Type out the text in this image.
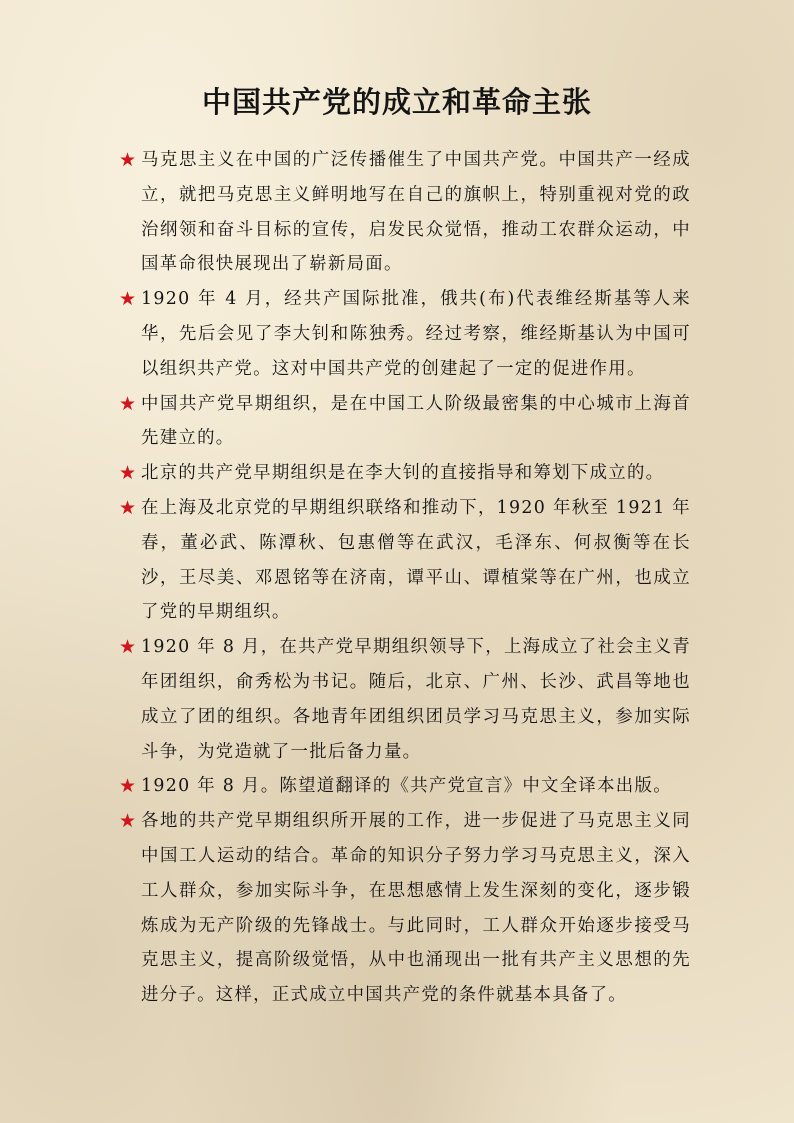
中国共产党的成立和革命主张

★ 马克思主义在中国的广泛传播催生了中国共产党。中国共产一经成立，就把马克思主义鲜明地写在自己的旗帜上，特别重视对党的政治纲领和奋斗目标的宣传，启发民众觉悟，推动工农群众运动，中国革命很快展现出了崭新局面。

★ 1920 年 4 月，经共产国际批准，俄共(布)代表维经斯基等人来华，先后会见了李大钊和陈独秀。经过考察，维经斯基认为中国可以组织共产党。这对中国共产党的创建起了一定的促进作用。

★ 中国共产党早期组织，是在中国工人阶级最密集的中心城市上海首先建立的。

★ 北京的共产党早期组织是在李大钊的直接指导和筹划下成立的。

★ 在上海及北京党的早期组织联络和推动下，1920 年秋至 1921 年春，董必武、陈潭秋、包惠僧等在武汉，毛泽东、何叔衡等在长沙，王尽美、邓恩铭等在济南，谭平山、谭植棠等在广州，也成立了党的早期组织。

★ 1920 年 8 月，在共产党早期组织领导下，上海成立了社会主义青年团组织，俞秀松为书记。随后，北京、广州、长沙、武昌等地也成立了团的组织。各地青年团组织团员学习马克思主义，参加实际斗争，为党造就了一批后备力量。

★ 1920 年 8 月。陈望道翻译的《共产党宣言》中文全译本出版。

★ 各地的共产党早期组织所开展的工作，进一步促进了马克思主义同中国工人运动的结合。革命的知识分子努力学习马克思主义，深入工人群众，参加实际斗争，在思想感情上发生深刻的变化，逐步锻炼成为无产阶级的先锋战士。与此同时，工人群众开始逐步接受马克思主义，提高阶级觉悟，从中也涌现出一批有共产主义思想的先进分子。这样，正式成立中国共产党的条件就基本具备了。
